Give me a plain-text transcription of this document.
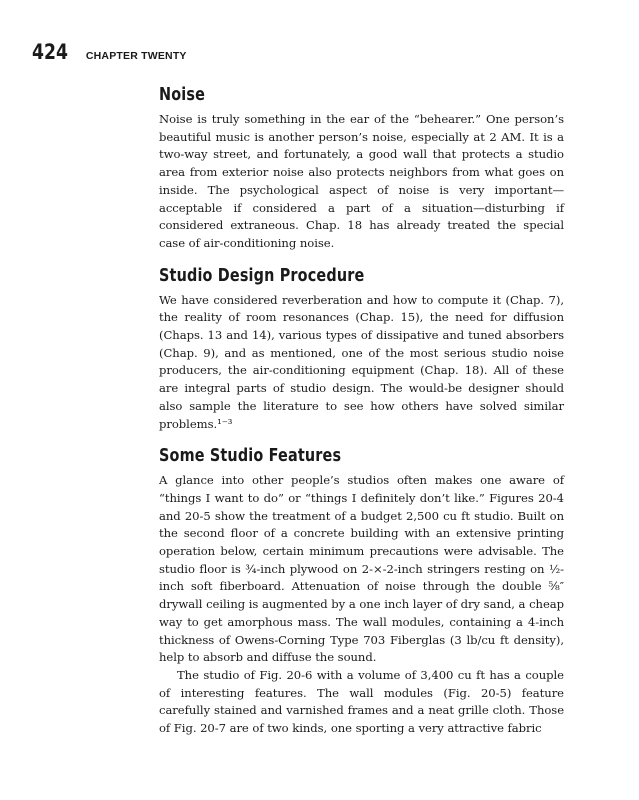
424 CHAPTER TWENTY
Noise

Noise is truly something in the ear of the “behearer.” One person’s beautiful music is another person’s noise, especially at 2 AM. It is a two-way street, and fortunately, a good wall that protects a studio area from exterior noise also protects neighbors from what goes on inside. The psychological aspect of noise is very important—acceptable if considered a part of a situation—disturbing if considered extraneous. Chap. 18 has already treated the special case of air-conditioning noise.

Studio Design Procedure

We have considered reverberation and how to compute it (Chap. 7), the reality of room resonances (Chap. 15), the need for diffusion (Chaps. 13 and 14), various types of dissipative and tuned absorbers (Chap. 9), and as mentioned, one of the most serious studio noise producers, the air-conditioning equipment (Chap. 18). All of these are integral parts of studio design. The would-be designer should also sample the literature to see how others have solved similar problems.¹⁻³

Some Studio Features

A glance into other people’s studios often makes one aware of “things I want to do” or “things I definitely don’t like.” Figures 20-4 and 20-5 show the treatment of a budget 2,500 cu ft studio. Built on the second floor of a concrete building with an extensive printing operation below, certain minimum precautions were advisable. The studio floor is ¾-inch plywood on 2-×-2-inch stringers resting on ½-inch soft fiberboard. Attenuation of noise through the double ⅝″ drywall ceiling is augmented by a one inch layer of dry sand, a cheap way to get amorphous mass. The wall modules, containing a 4-inch thickness of Owens-Corning Type 703 Fiberglas (3 lb/cu ft density), help to absorb and diffuse the sound.

The studio of Fig. 20-6 with a volume of 3,400 cu ft has a couple of interesting features. The wall modules (Fig. 20-5) feature carefully stained and varnished frames and a neat grille cloth. Those of Fig. 20-7 are of two kinds, one sporting a very attractive fabric
